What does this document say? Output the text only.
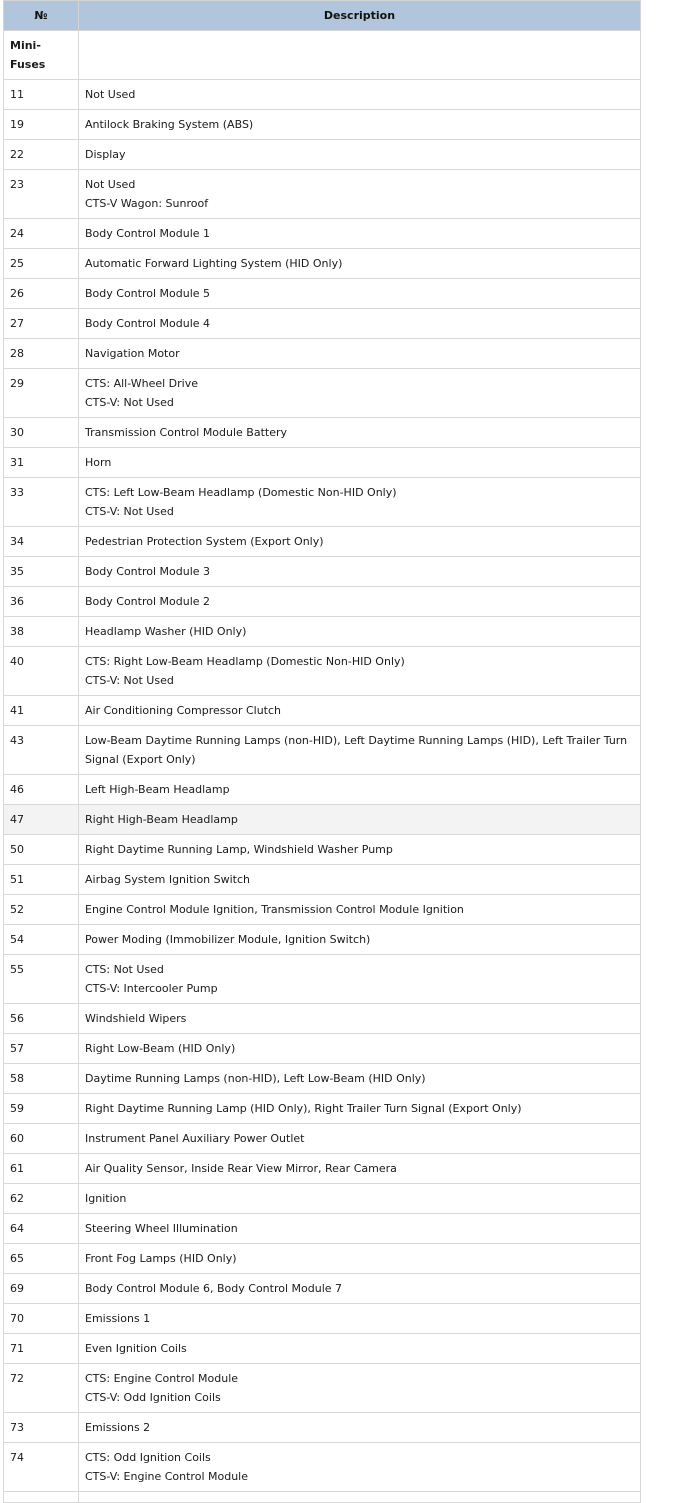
№	Description
Mini-Fuses	
11	Not Used

19	Antilock Braking System (ABS)

22	Display

23	Not Used
CTS-V Wagon: Sunroof

24	Body Control Module 1

25	Automatic Forward Lighting System (HID Only)

26	Body Control Module 5

27	Body Control Module 4

28	Navigation Motor

29	CTS: All-Wheel Drive
CTS-V: Not Used

30	Transmission Control Module Battery

31	Horn

33	CTS: Left Low-Beam Headlamp (Domestic Non-HID Only)
CTS-V: Not Used

34	Pedestrian Protection System (Export Only)

35	Body Control Module 3

36	Body Control Module 2

38	Headlamp Washer (HID Only)

40	CTS: Right Low-Beam Headlamp (Domestic Non-HID Only)
CTS-V: Not Used

41	Air Conditioning Compressor Clutch

43	Low-Beam Daytime Running Lamps (non-HID), Left Daytime Running Lamps (HID), Left Trailer Turn
Signal (Export Only)

46	Left High-Beam Headlamp

47	Right High-Beam Headlamp

50	Right Daytime Running Lamp, Windshield Washer Pump

51	Airbag System Ignition Switch

52	Engine Control Module Ignition, Transmission Control Module Ignition

54	Power Moding (Immobilizer Module, Ignition Switch)

55	CTS: Not Used
CTS-V: Intercooler Pump

56	Windshield Wipers

57	Right Low-Beam (HID Only)

58	Daytime Running Lamps (non-HID), Left Low-Beam (HID Only)

59	Right Daytime Running Lamp (HID Only), Right Trailer Turn Signal (Export Only)

60	Instrument Panel Auxiliary Power Outlet

61	Air Quality Sensor, Inside Rear View Mirror, Rear Camera

62	Ignition

64	Steering Wheel Illumination

65	Front Fog Lamps (HID Only)

69	Body Control Module 6, Body Control Module 7

70	Emissions 1

71	Even Ignition Coils

72	CTS: Engine Control Module
CTS-V: Odd Ignition Coils

73	Emissions 2

74	CTS: Odd Ignition Coils
CTS-V: Engine Control Module
